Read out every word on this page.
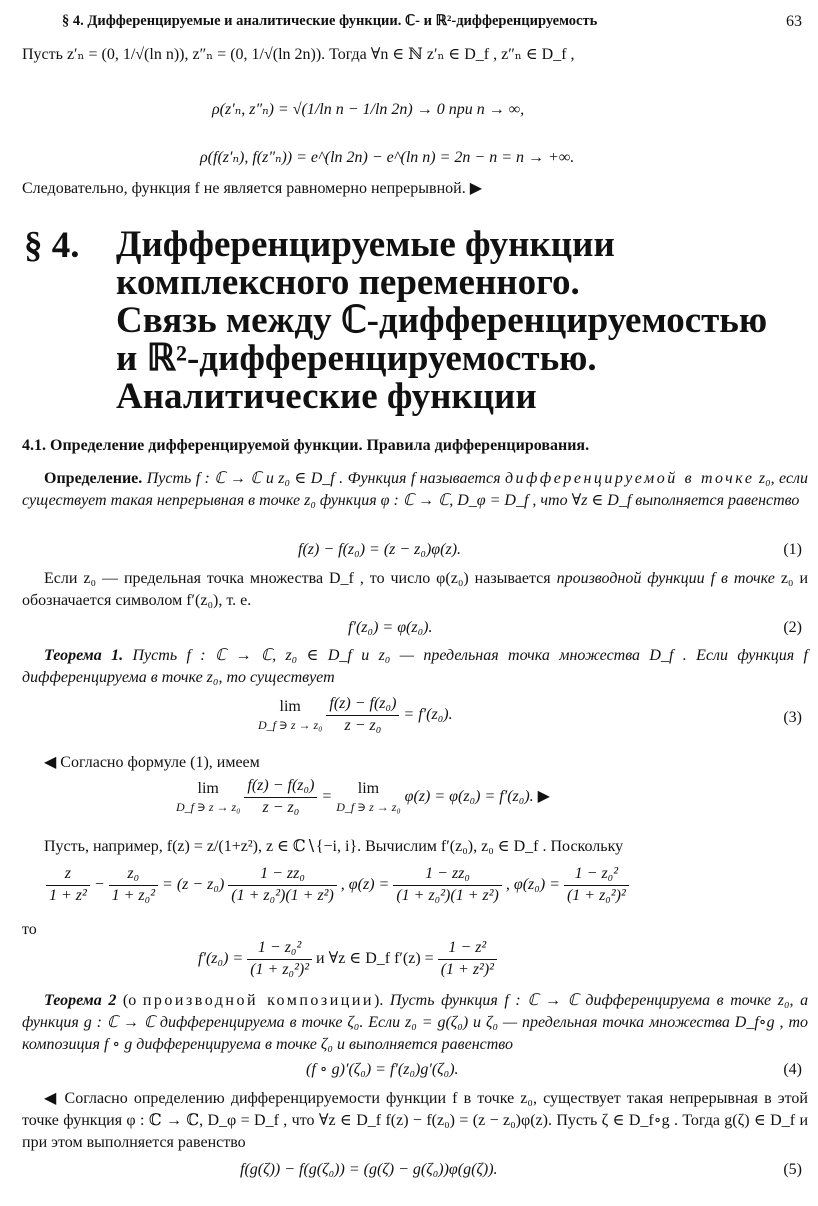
§ 4. Дифференцируемые и аналитические функции. ℂ- и ℝ²-дифференцируемость	63
Пусть z′ₙ = (0, 1/√(ln n)), z″ₙ = (0, 1/√(ln 2n)). Тогда ∀n ∈ ℕ z′ₙ ∈ D_f , z″ₙ ∈ D_f ,
ρ(z′ₙ, z″ₙ) = √(1/ln n − 1/ln 2n) → 0 при n → ∞,
ρ(f(z′ₙ), f(z″ₙ)) = e^(ln 2n) − e^(ln n) = 2n − n = n → +∞.
Следовательно, функция f не является равномерно непрерывной. ▶
§ 4. Дифференцируемые функции
комплексного переменного.
Связь между ℂ-дифференцируемостью
и ℝ²-дифференцируемостью.
Аналитические функции
4.1. Определение дифференцируемой функции. Правила дифференцирования.
Определение. Пусть f : ℂ → ℂ и z₀ ∈ D_f . Функция f называется дифференцируемой в точке z₀, если существует такая непрерывная в точке z₀ функция φ : ℂ → ℂ, D_φ = D_f , что ∀z ∈ D_f выполняется равенство
f(z) − f(z₀) = (z − z₀)φ(z).	(1)
Если z₀ — предельная точка множества D_f , то число φ(z₀) называется производной функции f в точке z₀ и обозначается символом f′(z₀), т. е.
f′(z₀) = φ(z₀).	(2)
Теорема 1. Пусть f : ℂ → ℂ, z₀ ∈ D_f и z₀ — предельная точка множества D_f . Если функция f дифференцируема в точке z₀, то существует
lim
D_f ∋ z → z₀
$\frac{\text{f(z) − f(z₀)}}{\text{z − z₀}} = f'(z_0)$.	(3)
◀ Согласно формуле (1), имеем
lim
D_f ∋ z → z₀
$\frac{\text{f(z) − f(z₀)}}{\text{z − z₀}}$ =	lim
D_f ∋ z → z₀
φ(z) = φ(z₀) = f′(z₀). ▶
Пусть, например, f(z) = z/(1+z²), z ∈ ℂ∖{−i, i}. Вычислим f′(z₀), z₀ ∈ D_f . Поскольку
$\frac{z}{\text{1 + z²}} - \frac{\text{z₀}}{\text{1 + z₀²}} = (z - z_0) \frac{\text{1 − zz₀}}{\text{(1 + z₀²)(1 + z²)}}$ , $\varphi(z) = \frac{\text{1 − zz₀}}{\text{(1 + z₀²)(1 + z²)}}$ , $\varphi(z_0) = \frac{\text{1 − z₀²}}{\text{(1 + z₀²)²}}$
то
$f'(z_0) = \frac{\text{1 − z₀²}}{\text{(1 + z₀²)²}}$ и ∀z ∈ D_f $f'(z) = \frac{\text{1 − z²}}{\text{(1 + z²)²}}$
Теорема 2 (о производной композиции). Пусть функция f : ℂ → ℂ дифференцируема в точке z₀, а функция g : ℂ → ℂ дифференцируема в точке ζ₀. Если z₀ = g(ζ₀) и ζ₀ — предельная точка множества D_f∘g , то композиция f ∘ g дифференцируема в точке ζ₀ и выполняется равенство
(f ∘ g)′(ζ₀) = f′(z₀)g′(ζ₀).	(4)
◀ Согласно определению дифференцируемости функции f в точке z₀, существует такая непрерывная в этой точке функция φ : ℂ → ℂ, D_φ = D_f , что ∀z ∈ D_f f(z) − f(z₀) = (z − z₀)φ(z). Пусть ζ ∈ D_f∘g . Тогда g(ζ) ∈ D_f и при этом выполняется равенство
f(g(ζ)) − f(g(ζ₀)) = (g(ζ) − g(ζ₀))φ(g(ζ)).	(5)
